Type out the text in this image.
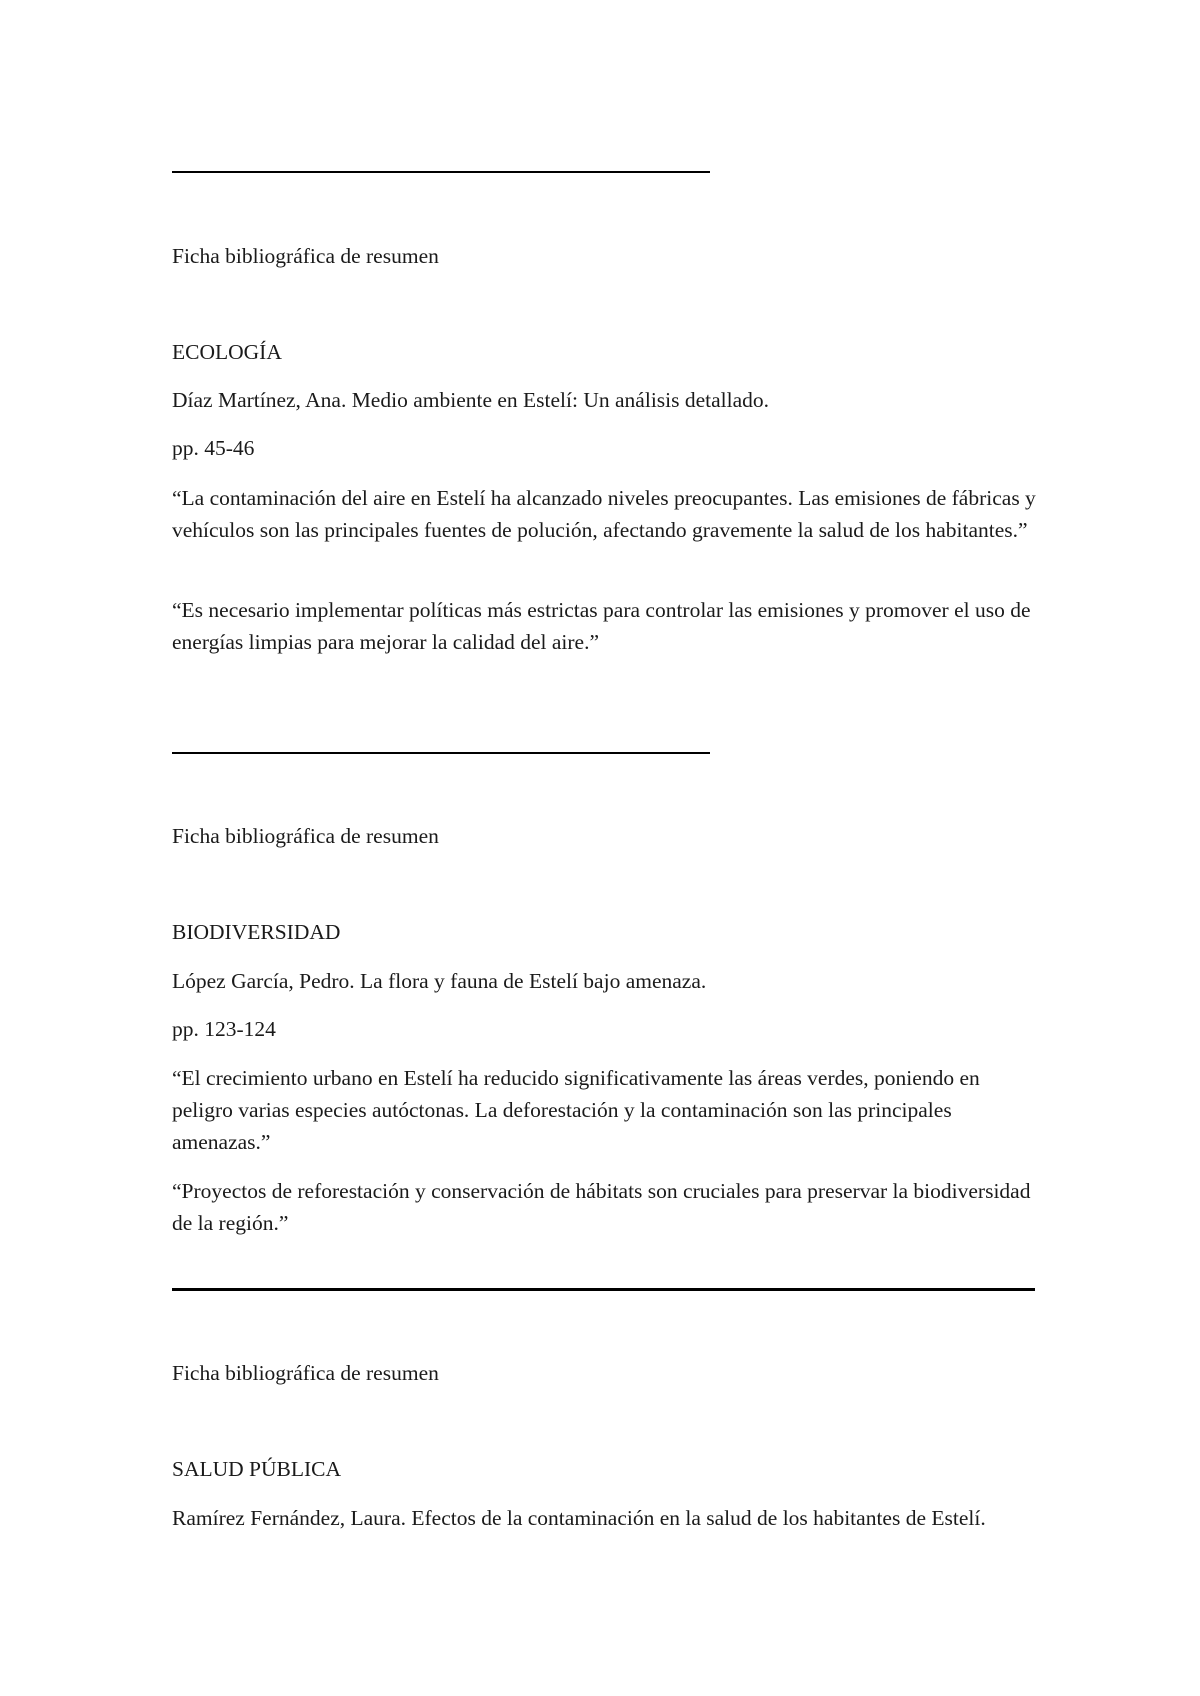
Ficha bibliográfica de resumen

ECOLOGÍA

Díaz Martínez, Ana. Medio ambiente en Estelí: Un análisis detallado.

pp. 45-46

“La contaminación del aire en Estelí ha alcanzado niveles preocupantes. Las emisiones de fábricas y vehículos son las principales fuentes de polución, afectando gravemente la salud de los habitantes.”

“Es necesario implementar políticas más estrictas para controlar las emisiones y promover el uso de energías limpias para mejorar la calidad del aire.”

Ficha bibliográfica de resumen

BIODIVERSIDAD

López García, Pedro. La flora y fauna de Estelí bajo amenaza.

pp. 123-124

“El crecimiento urbano en Estelí ha reducido significativamente las áreas verdes, poniendo en peligro varias especies autóctonas. La deforestación y la contaminación son las principales amenazas.”

“Proyectos de reforestación y conservación de hábitats son cruciales para preservar la biodiversidad de la región.”

Ficha bibliográfica de resumen

SALUD PÚBLICA

Ramírez Fernández, Laura. Efectos de la contaminación en la salud de los habitantes de Estelí.
